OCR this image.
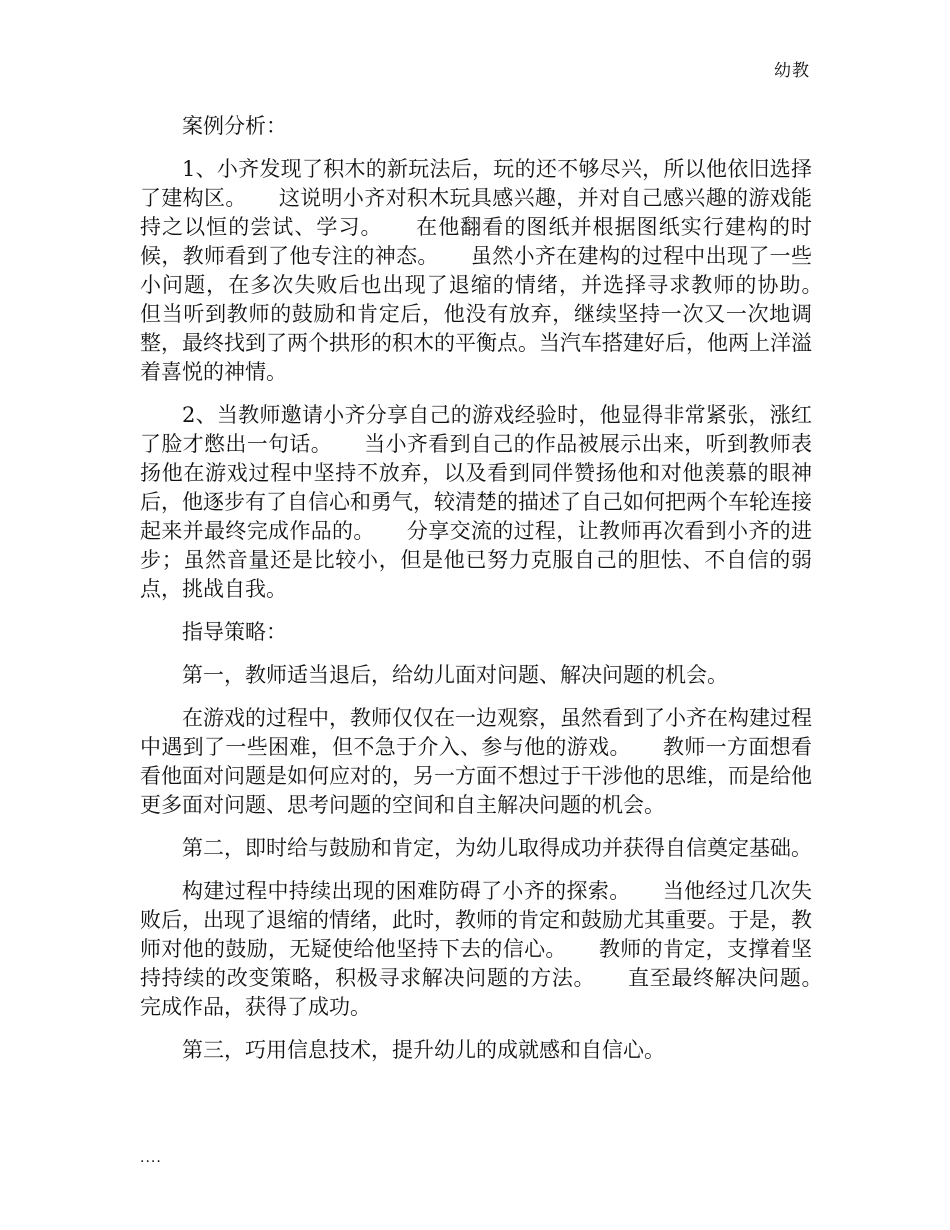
幼教

案例分析：

1、小齐发现了积木的新玩法后，玩的还不够尽兴，所以他依旧选择了建构区。　　这说明小齐对积木玩具感兴趣，并对自己感兴趣的游戏能持之以恒的尝试、学习。　　在他翻看的图纸并根据图纸实行建构的时候，教师看到了他专注的神态。　　虽然小齐在建构的过程中出现了一些小问题，在多次失败后也出现了退缩的情绪，并选择寻求教师的协助。　　但当听到教师的鼓励和肯定后，他没有放弃，继续坚持一次又一次地调整，最终找到了两个拱形的积木的平衡点。当汽车搭建好后，他两上洋溢着喜悦的神情。

2、当教师邀请小齐分享自己的游戏经验时，他显得非常紧张，涨红了脸才憋出一句话。　　当小齐看到自己的作品被展示出来，听到教师表扬他在游戏过程中坚持不放弃，以及看到同伴赞扬他和对他羡慕的眼神后，他逐步有了自信心和勇气，较清楚的描述了自己如何把两个车轮连接起来并最终完成作品的。　　分享交流的过程，让教师再次看到小齐的进步；虽然音量还是比较小，但是他已努力克服自己的胆怯、不自信的弱点，挑战自我。

指导策略：

第一，教师适当退后，给幼儿面对问题、解决问题的机会。

在游戏的过程中，教师仅仅在一边观察，虽然看到了小齐在构建过程中遇到了一些困难，但不急于介入、参与他的游戏。　　教师一方面想看看他面对问题是如何应对的，另一方面不想过于干涉他的思维，而是给他更多面对问题、思考问题的空间和自主解决问题的机会。

第二，即时给与鼓励和肯定，为幼儿取得成功并获得自信奠定基础。

构建过程中持续出现的困难防碍了小齐的探索。　　当他经过几次失败后，出现了退缩的情绪，此时，教师的肯定和鼓励尤其重要。于是，教师对他的鼓励，无疑使给他坚持下去的信心。　　教师的肯定，支撑着坚持持续的改变策略，积极寻求解决问题的方法。　　直至最终解决问题。　　完成作品，获得了成功。

第三，巧用信息技术，提升幼儿的成就感和自信心。

....
